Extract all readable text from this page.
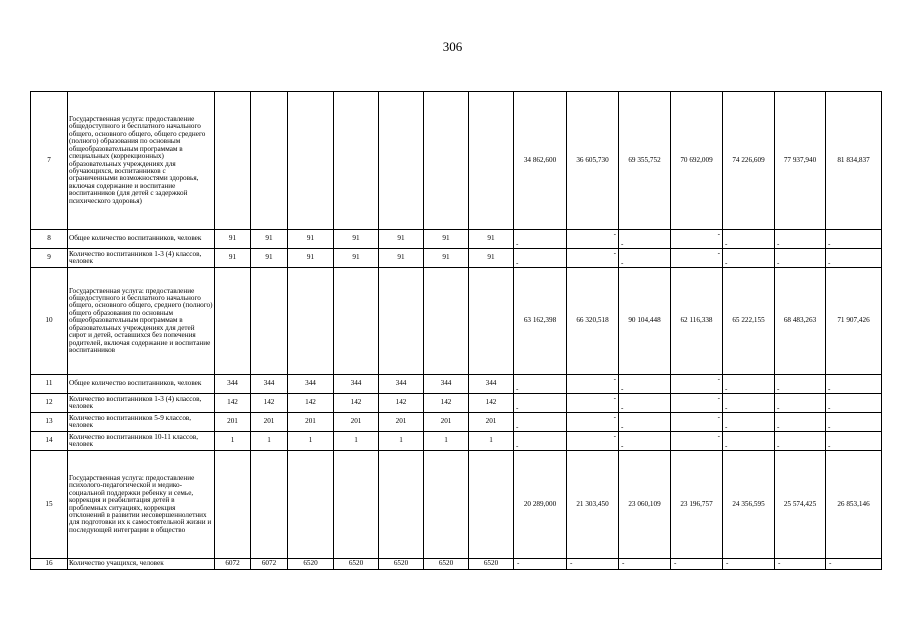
306
7	Государственная услуга: предоставление общедоступного и бесплатного начального общего, основного общего, общего среднего (полного) образования по основным общеобразовательным программам в специальных (коррекционных) образовательных учреждениях для обучающихся, воспитанников с ограниченными возможностями здоровья, включая содержание и воспитание воспитанников (для детей с задержкой психического здоровья)								34 862,600	36 605,730	69 355,752	70 692,009	74 226,609	77 937,940	81 834,837
8	Общее количество воспитанников, человек	91	91	91	91	91	91	91	-	-	-	-	-	-	-

9	Количество воспитанников 1-3 (4) классов, человек	91	91	91	91	91	91	91	-	-	-	-	-	-	-

10	Государственная услуга: предоставление общедоступного и бесплатного начального общего, основного общего, среднего (полного) общего образования по основным общеобразовательным программам в образовательных учреждениях для детей сирот и детей, оставшихся без попечения родителей, включая содержание и воспитание воспитанников								63 162,398	66 320,518	90 104,448	62 116,338	65 222,155	68 483,263	71 907,426
11	Общее количество воспитанников, человек	344	344	344	344	344	344	344	-	-	-	-	-	-	-

12	Количество воспитанников 1-3 (4) классов, человек	142	142	142	142	142	142	142	-	-	-	-	-	-	-

13	Количество воспитанников 5-9 классов, человек	201	201	201	201	201	201	201	-	-	-	-	-	-	-

14	Количество воспитанников 10-11 классов, человек	1	1	1	1	1	1	1	-	-	-	-	-	-	-

15	Государственная услуга: предоставление психолого-педагогической и медико-социальной поддержки ребенку и семье, коррекция и реабилитация детей в проблемных ситуациях, коррекция отклонений в развитии несовершеннолетних для подготовки их к самостоятельной жизни и последующей интеграции в общество								20 289,000	21 303,450	23 060,109	23 196,757	24 356,595	25 574,425	26 853,146
16	Количество учащихся, человек	6072	6072	6520	6520	6520	6520	6520	-	-	-	-	-	-	-
